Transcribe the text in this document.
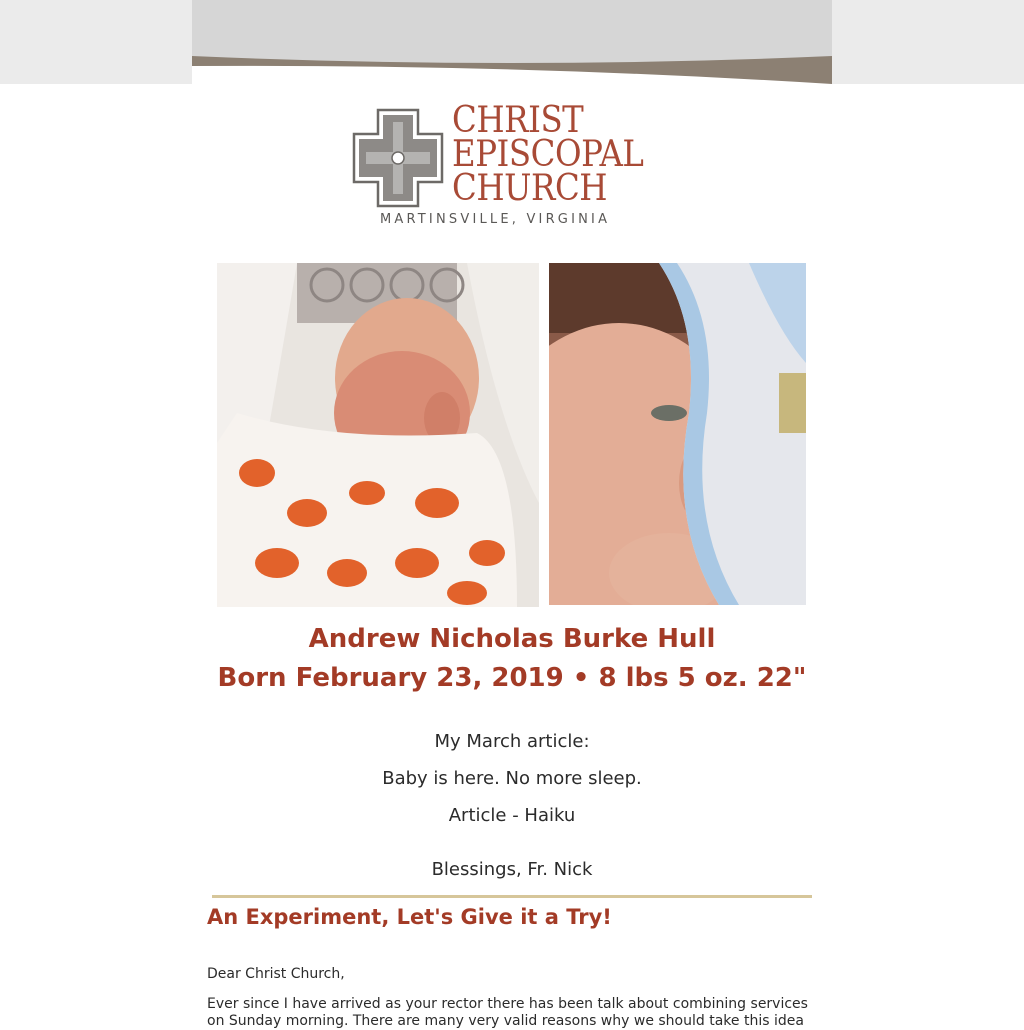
CHRIST
EPISCOPAL
CHURCH
MARTINSVILLE, VIRGINIA
Andrew Nicholas Burke Hull
Born February 23, 2019 • 8 lbs 5 oz. 22"
My March article:
Baby is here. No more sleep.
Article - Haiku
Blessings, Fr. Nick
An Experiment, Let's Give it a Try!
Dear Christ Church,
Ever since I have arrived as your rector there has been talk about combining services on Sunday morning. There are many very valid reasons why we should take this idea
